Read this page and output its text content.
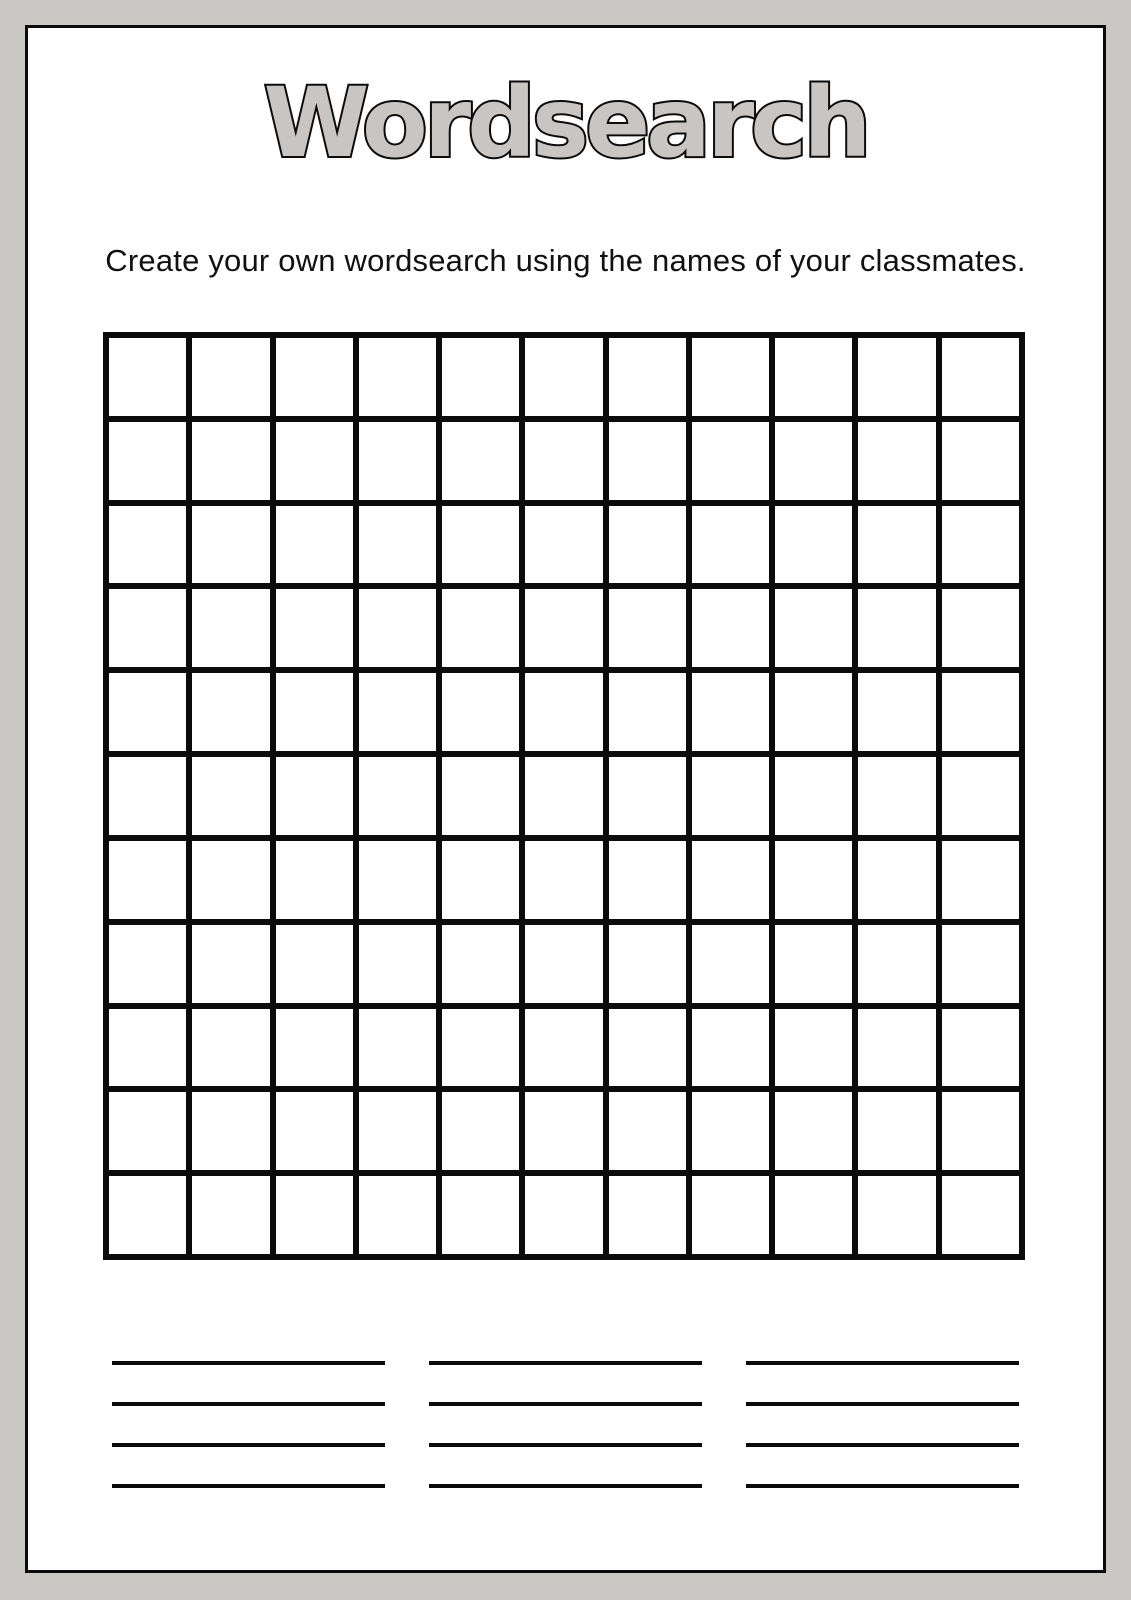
Wordsearch

Create your own wordsearch using the names of your classmates.
